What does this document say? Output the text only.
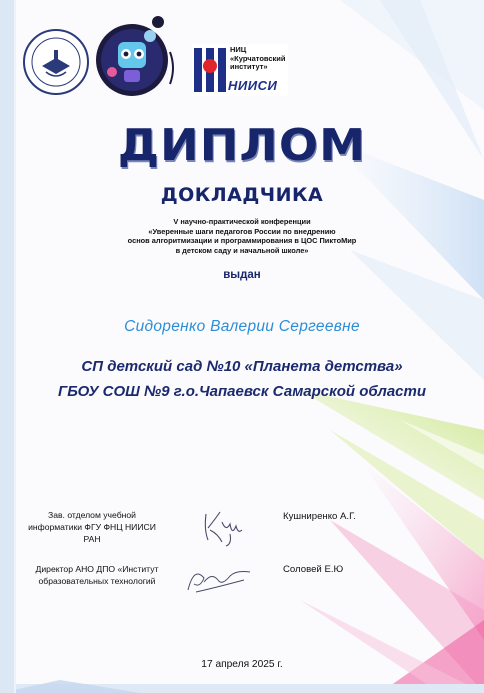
НИЦ
«Курчатовский
институт»
НИИСИ
ДИПЛОМ
ДОКЛАДЧИКА
V научно-практической конференции
«Уверенные шаги педагогов России по внедрению
основ алгоритмизации и программирования в ЦОС ПиктоМир
в детском саду и начальной школе»
выдан
Сидоренко Валерии Сергеевне
СП детский сад №10 «Планета детства»
ГБОУ СОШ №9 г.о.Чапаевск Самарской области
Зав. отделом учебной
информатики ФГУ ФНЦ НИИСИ
РАН
Кушниренко А.Г.
Директор АНО ДПО «Институт
образовательных технологий
Соловей Е.Ю
17 апреля 2025 г.
